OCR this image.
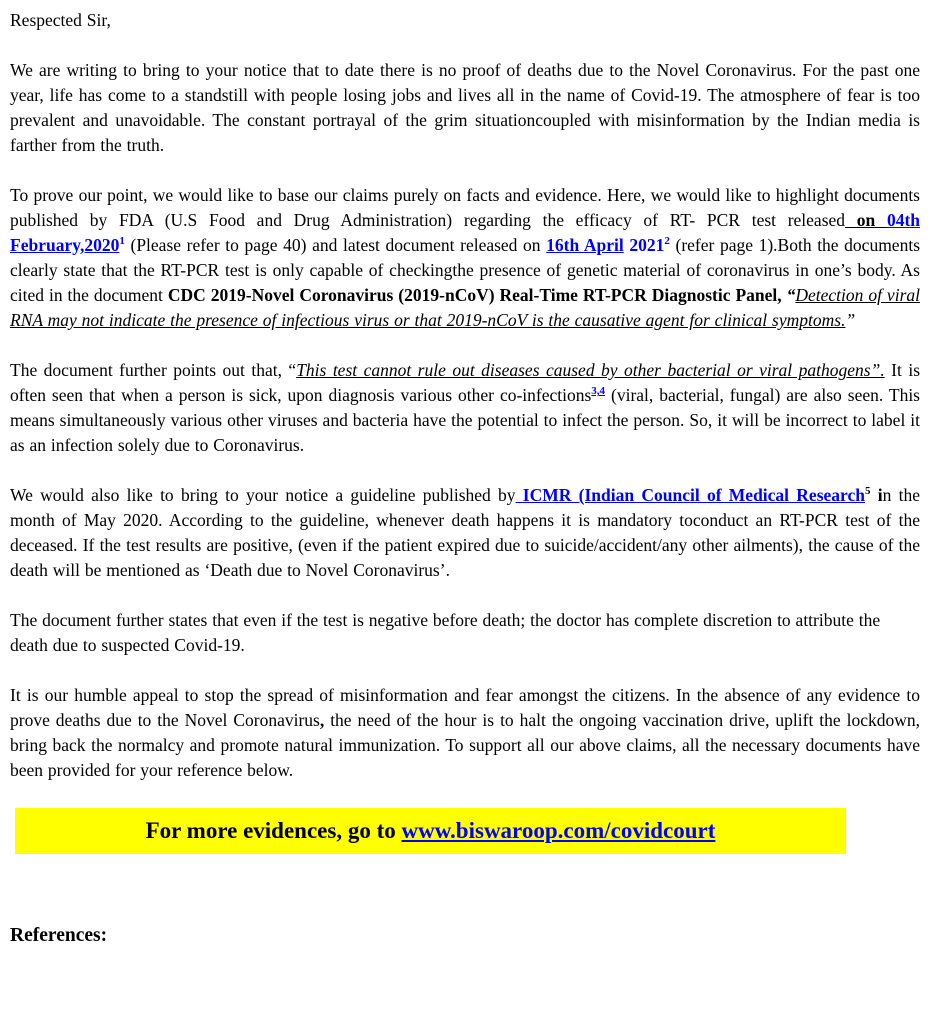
Respected Sir,

We are writing to bring to your notice that to date there is no proof of deaths due to the Novel Coronavirus. For the past one year, life has come to a standstill with people losing jobs and lives all in the name of Covid-19. The atmosphere of fear is too prevalent and unavoidable. The constant portrayal of the grim situationcoupled with misinformation by the Indian media is farther from the truth.

To prove our point, we would like to base our claims purely on facts and evidence. Here, we would like to highlight documents published by FDA (U.S Food and Drug Administration) regarding the efficacy of RT- PCR test released on 04th February,2020$^1$ (Please refer to page 40) and latest document released on 16th April 2021$^2$ (refer page 1).Both the documents clearly state that the RT-PCR test is only capable of checkingthe presence of genetic material of coronavirus in one’s body. As cited in the document CDC 2019-Novel Coronavirus (2019-nCoV) Real-Time RT-PCR Diagnostic Panel, “Detection of viral RNA may not indicate the presence of infectious virus or that 2019-nCoV is the causative agent for clinical symptoms.”

The document further points out that, “This test cannot rule out diseases caused by other bacterial or viral pathogens”. It is often seen that when a person is sick, upon diagnosis various other co-infections$^{3,4}$ (viral, bacterial, fungal) are also seen. This means simultaneously various other viruses and bacteria have the potential to infect the person. So, it will be incorrect to label it as an infection solely due to Coronavirus.

We would also like to bring to your notice a guideline published by ICMR (Indian Council of Medical Research$^5$ in the month of May 2020. According to the guideline, whenever death happens it is mandatory toconduct an RT-PCR test of the deceased. If the test results are positive, (even if the patient expired due to suicide/accident/any other ailments), the cause of the death will be mentioned as ‘Death due to Novel Coronavirus’.

The document further states that even if the test is negative before death; the doctor has complete discretion to attribute the death due to suspected Covid-19.

It is our humble appeal to stop the spread of misinformation and fear amongst the citizens. In the absence of any evidence to prove deaths due to the Novel Coronavirus, the need of the hour is to halt the ongoing vaccination drive, uplift the lockdown, bring back the normalcy and promote natural immunization. To support all our above claims, all the necessary documents have been provided for your reference below.

For more evidences, go to www.biswaroop.com/covidcourt

References:
